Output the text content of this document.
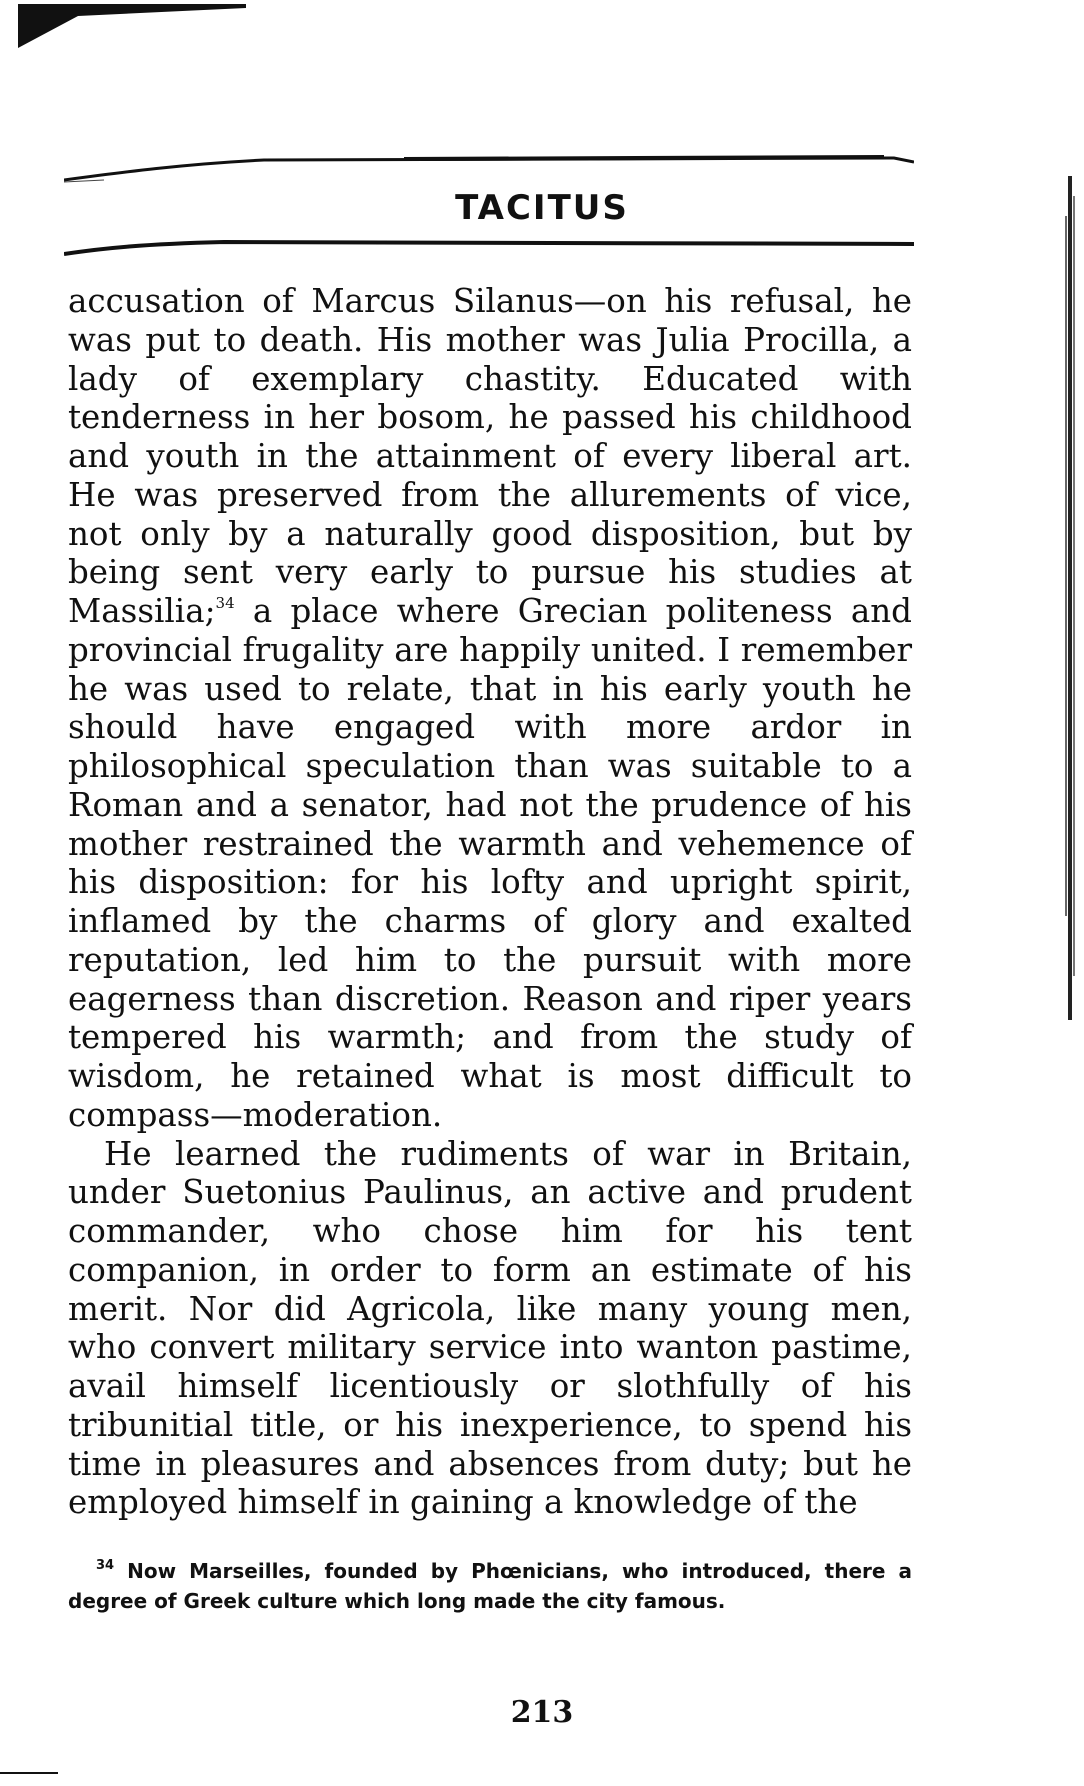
TACITUS

accusation of Marcus Silanus—on his refusal, he was put to death. His mother was Julia Procilla, a lady of exemplary chastity. Educated with tenderness in her bosom, he passed his childhood and youth in the attainment of every liberal art. He was preserved from the allurements of vice, not only by a naturally good disposition, but by being sent very early to pursue his studies at Massilia;$^{34}$ a place where Grecian politeness and provincial frugality are happily united. I remember he was used to relate, that in his early youth he should have engaged with more ardor in philosophical speculation than was suitable to a Roman and a senator, had not the prudence of his mother restrained the warmth and vehemence of his disposition: for his lofty and upright spirit, inflamed by the charms of glory and exalted reputation, led him to the pursuit with more eagerness than discretion. Reason and riper years tempered his warmth; and from the study of wisdom, he retained what is most difficult to compass—moderation.

He learned the rudiments of war in Britain, under Suetonius Paulinus, an active and prudent commander, who chose him for his tent companion, in order to form an estimate of his merit. Nor did Agricola, like many young men, who convert military service into wanton pastime, avail himself licentiously or slothfully of his tribunitial title, or his inexperience, to spend his time in pleasures and absences from duty; but he employed himself in gaining a knowledge of the

$^{34}$ Now Marseilles, founded by Phœnicians, who introduced, there a degree of Greek culture which long made the city famous.

213
